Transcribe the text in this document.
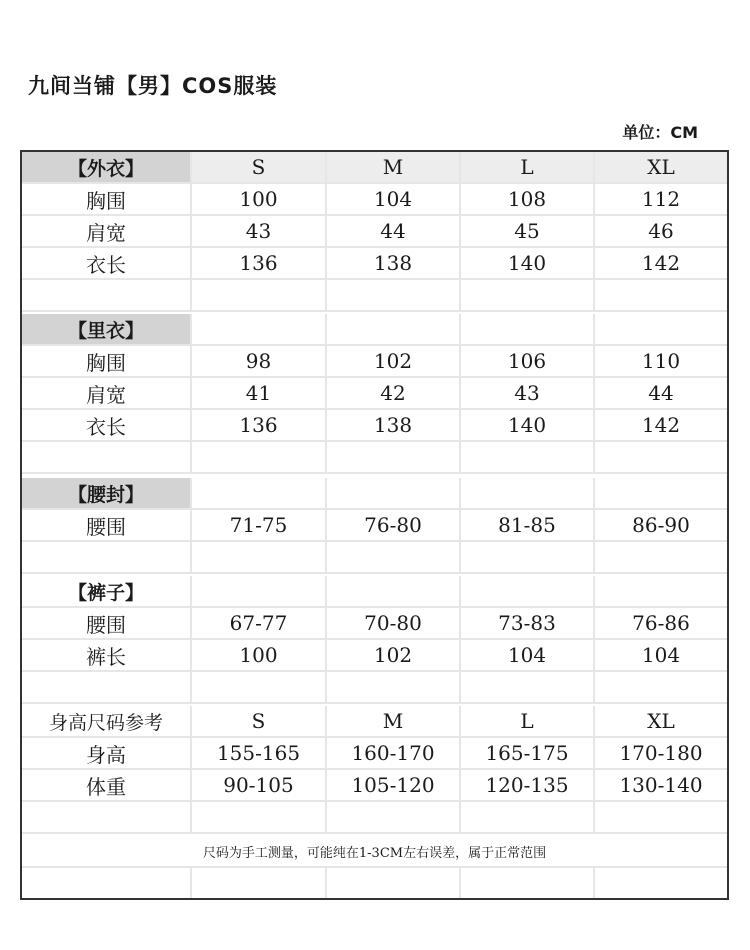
九间当铺【男】COS服装
单位：CM
【外衣】	S	M	L	XL
胸围	100	104	108	112
肩宽	43	44	45	46
衣长	136	138	140	142
【里衣】
胸围	98	102	106	110
肩宽	41	42	43	44
衣长	136	138	140	142
【腰封】
腰围	71-75	76-80	81-85	86-90
【裤子】
腰围	67-77	70-80	73-83	76-86
裤长	100	102	104	104
身高尺码参考	S	M	L	XL
身高	155-165	160-170	165-175	170-180
体重	90-105	105-120	120-135	130-140
尺码为手工测量，可能纯在1-3CM左右误差，属于正常范围
